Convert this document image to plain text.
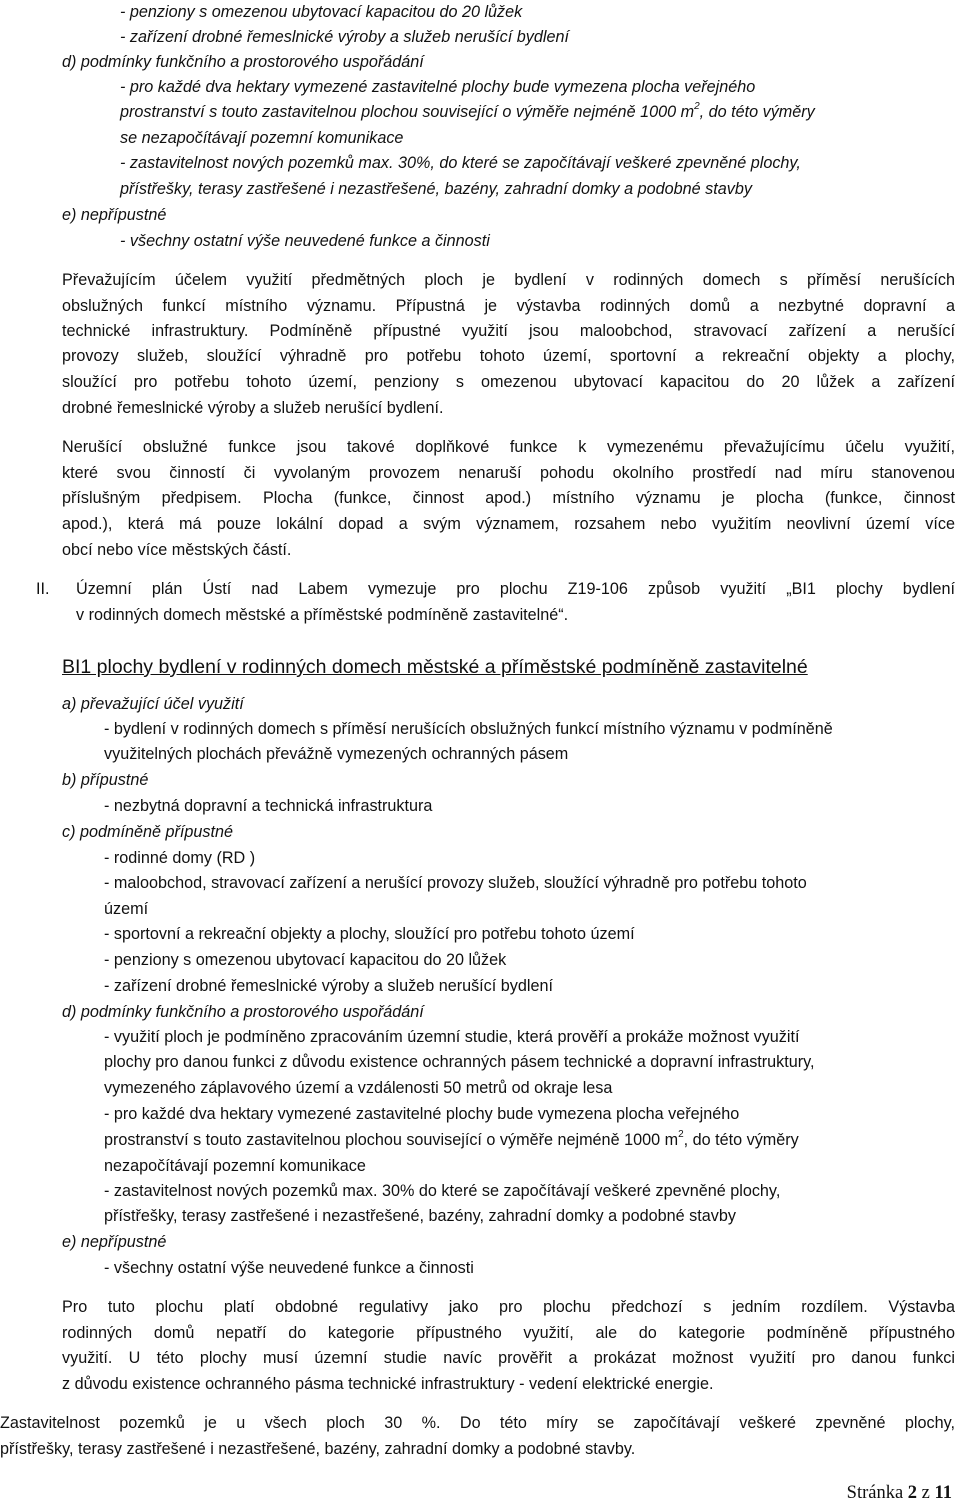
- penziony s omezenou ubytovací kapacitou do 20 lůžek
- zařízení drobné řemeslnické výroby a služeb nerušící bydlení
d) podmínky funkčního a prostorového uspořádání
- pro každé dva hektary vymezené zastavitelné plochy bude vymezena plocha veřejného
prostranství s touto zastavitelnou plochou související o výměře nejméně 1000 $m^2$, do této výměry
se nezapočítávají pozemní komunikace
- zastavitelnost nových pozemků max. 30%, do které se započítávají veškeré zpevněné plochy,
přístřešky, terasy zastřešené i nezastřešené, bazény, zahradní domky a podobné stavby
e) nepřípustné
- všechny ostatní výše neuvedené funkce a činnosti
Převažujícím účelem využití předmětných ploch je bydlení v rodinných domech s příměsí nerušících
obslužných funkcí místního významu. Přípustná je výstavba rodinných domů a nezbytné dopravní a
technické infrastruktury. Podmíněně přípustné využití jsou maloobchod, stravovací zařízení a nerušící
provozy služeb, sloužící výhradně pro potřebu tohoto území, sportovní a rekreační objekty a plochy,
sloužící pro potřebu tohoto území, penziony s omezenou ubytovací kapacitou do 20 lůžek a zařízení
drobné řemeslnické výroby a služeb nerušící bydlení.
Nerušící obslužné funkce jsou takové doplňkové funkce k vymezenému převažujícímu účelu využití,
které svou činností či vyvolaným provozem nenaruší pohodu okolního prostředí nad míru stanovenou
příslušným předpisem. Plocha (funkce, činnost apod.) místního významu je plocha (funkce, činnost
apod.), která má pouze lokální dopad a svým významem, rozsahem nebo využitím neovlivní území více
obcí nebo více městských částí.
II. Územní plán Ústí nad Labem vymezuje pro plochu Z19-106 způsob využití „BI1 plochy bydlení
v rodinných domech městské a příměstské podmíněně zastavitelné“.
BI1 plochy bydlení v rodinných domech městské a příměstské podmíněně zastavitelné
a) převažující účel využití
- bydlení v rodinných domech s příměsí nerušících obslužných funkcí místního významu v podmíněně
využitelných plochách převážně vymezených ochranných pásem
b) přípustné
- nezbytná dopravní a technická infrastruktura
c) podmíněně přípustné
- rodinné domy (RD )
- maloobchod, stravovací zařízení a nerušící provozy služeb, sloužící výhradně pro potřebu tohoto
území
- sportovní a rekreační objekty a plochy, sloužící pro potřebu tohoto území
- penziony s omezenou ubytovací kapacitou do 20 lůžek
- zařízení drobné řemeslnické výroby a služeb nerušící bydlení
d) podmínky funkčního a prostorového uspořádání
- využití ploch je podmíněno zpracováním územní studie, která prověří a prokáže možnost využití
plochy pro danou funkci z důvodu existence ochranných pásem technické a dopravní infrastruktury,
vymezeného záplavového území a vzdálenosti 50 metrů od okraje lesa
- pro každé dva hektary vymezené zastavitelné plochy bude vymezena plocha veřejného
prostranství s touto zastavitelnou plochou související o výměře nejméně 1000 $m^2$, do této výměry
nezapočítávají pozemní komunikace
- zastavitelnost nových pozemků max. 30% do které se započítávají veškeré zpevněné plochy,
přístřešky, terasy zastřešené i nezastřešené, bazény, zahradní domky a podobné stavby
e) nepřípustné
- všechny ostatní výše neuvedené funkce a činnosti
Pro tuto plochu platí obdobné regulativy jako pro plochu předchozí s jedním rozdílem. Výstavba
rodinných domů nepatří do kategorie přípustného využití, ale do kategorie podmíněně přípustného
využití. U této plochy musí územní studie navíc prověřit a prokázat možnost využití pro danou funkci
z důvodu existence ochranného pásma technické infrastruktury - vedení elektrické energie.
Zastavitelnost pozemků je u všech ploch 30 %. Do této míry se započítávají veškeré zpevněné plochy,
přístřešky, terasy zastřešené i nezastřešené, bazény, zahradní domky a podobné stavby.
Stránka 2 z 11
